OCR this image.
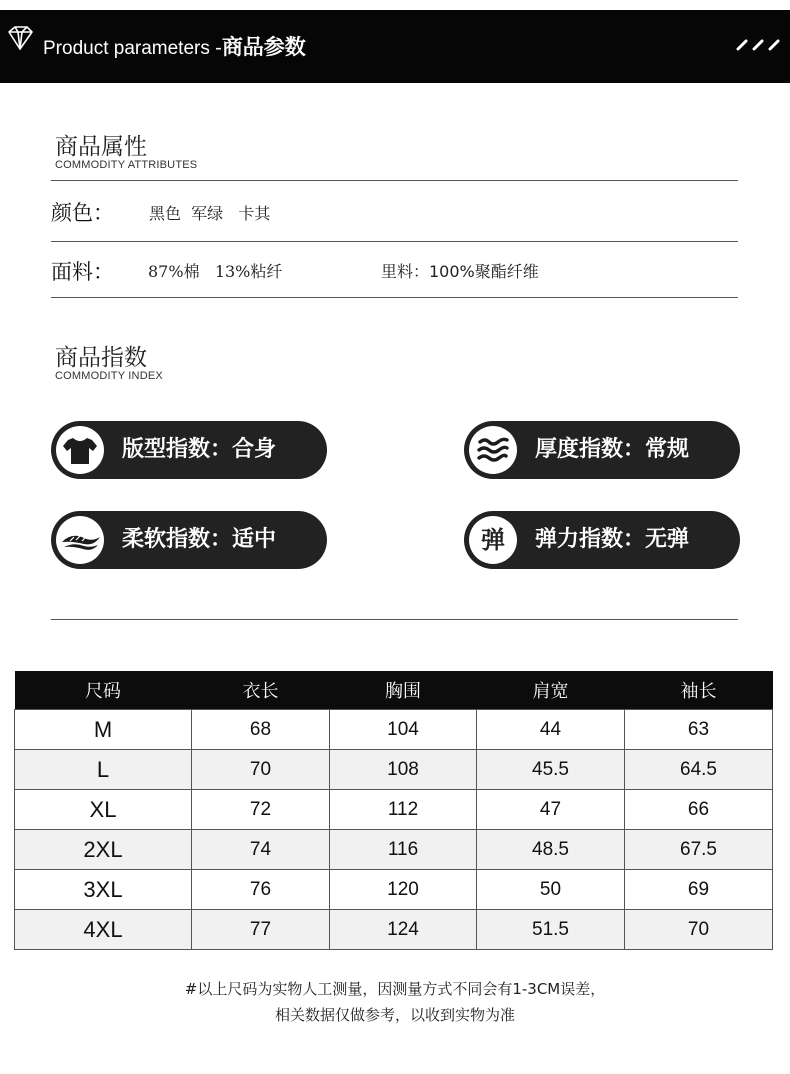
Product parameters -商品参数
商品属性
COMMODITY ATTRIBUTES
颜色： 黑色  军绿   卡其
面料： 87%棉   13%粘纤	里料：100%聚酯纤维
商品指数
COMMODITY INDEX
版型指数：合身	厚度指数：常规
柔软指数：适中	弹	弹力指数：无弹
尺码	衣长	胸围	肩宽	袖长
M	68	104	44	63
L	70	108	45.5	64.5
XL	72	112	47	66
2XL	74	116	48.5	67.5
3XL	76	120	50	69
4XL	77	124	51.5	70
#以上尺码为实物人工测量，因测量方式不同会有1-3CM误差，
相关数据仅做参考，以收到实物为准
